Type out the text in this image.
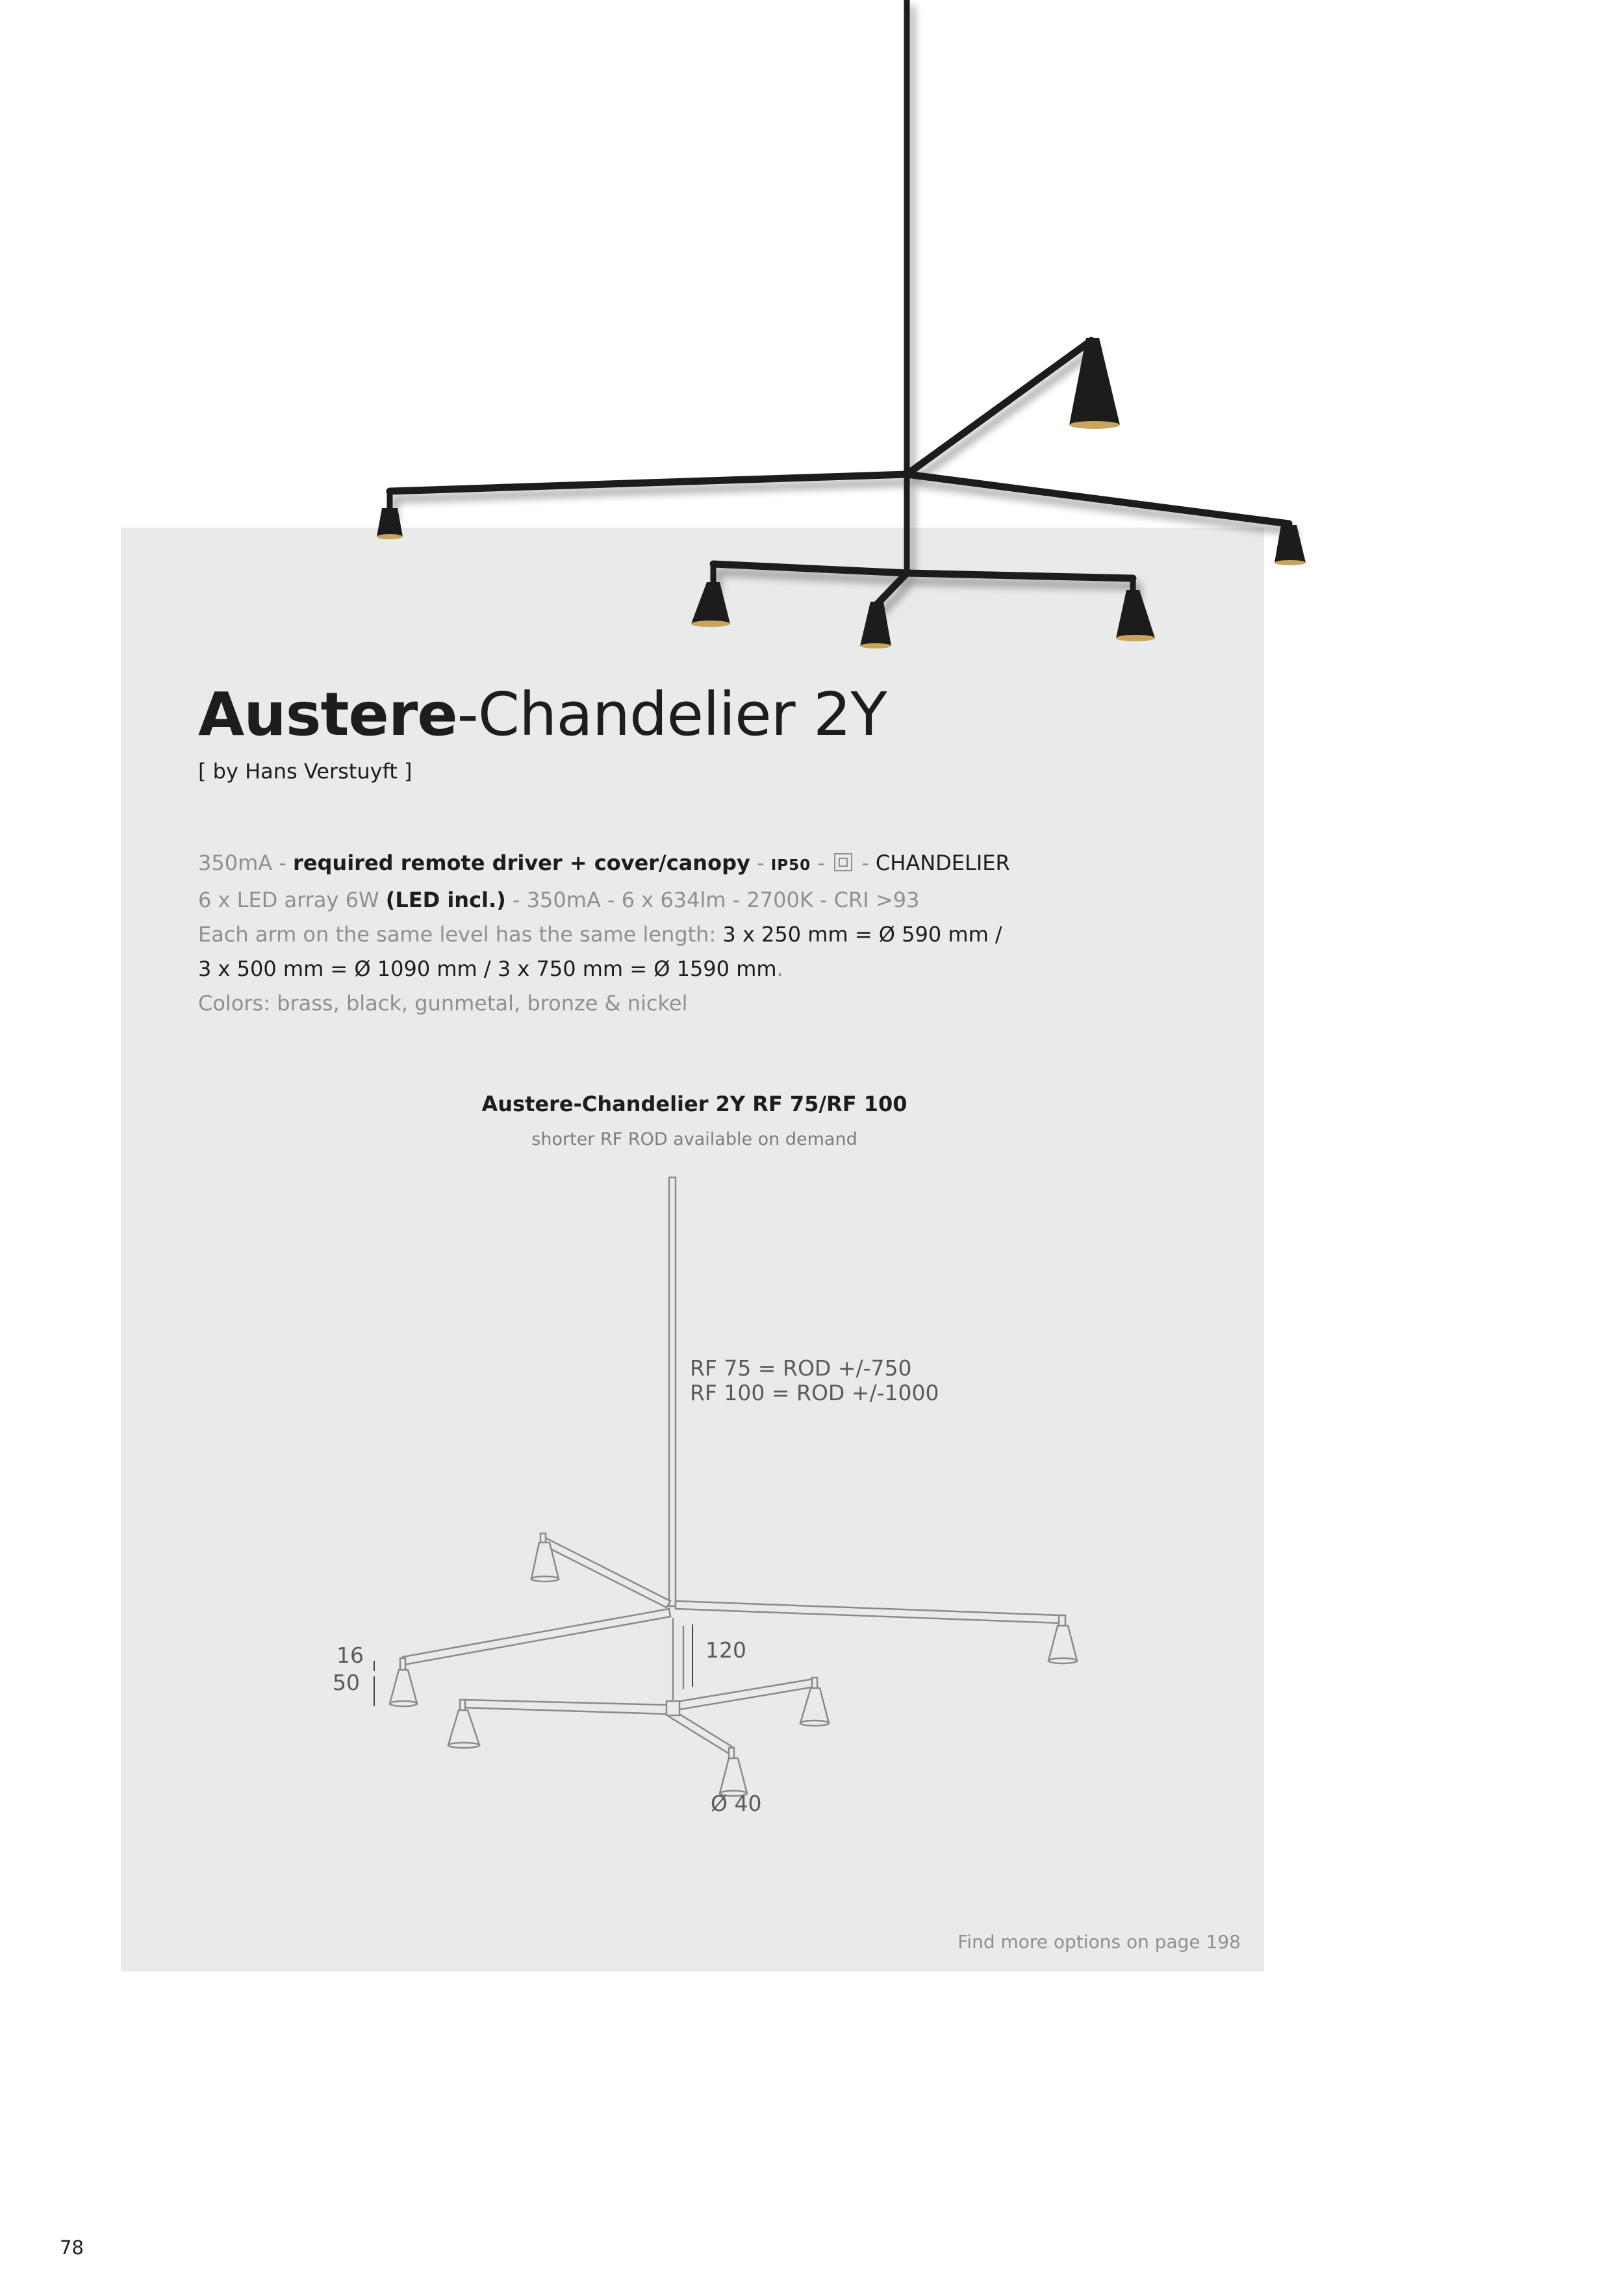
Austere-Chandelier 2Y
[ by Hans Verstuyft ]
350mA - required remote driver + cover/canopy - IP50 -  - CHANDELIER
6 x LED array 6W (LED incl.) - 350mA - 6 x 634lm - 2700K - CRI >93
Each arm on the same level has the same length: 3 x 250 mm = Ø 590 mm /
3 x 500 mm = Ø 1090 mm / 3 x 750 mm = Ø 1590 mm.
Colors: brass, black, gunmetal, bronze & nickel
Austere-Chandelier 2Y RF 75/RF 100
shorter RF ROD available on demand
RF 75 = ROD +/-750
RF 100 = ROD +/-1000
120
16
50
Ø 40
Find more options on page 198
78
